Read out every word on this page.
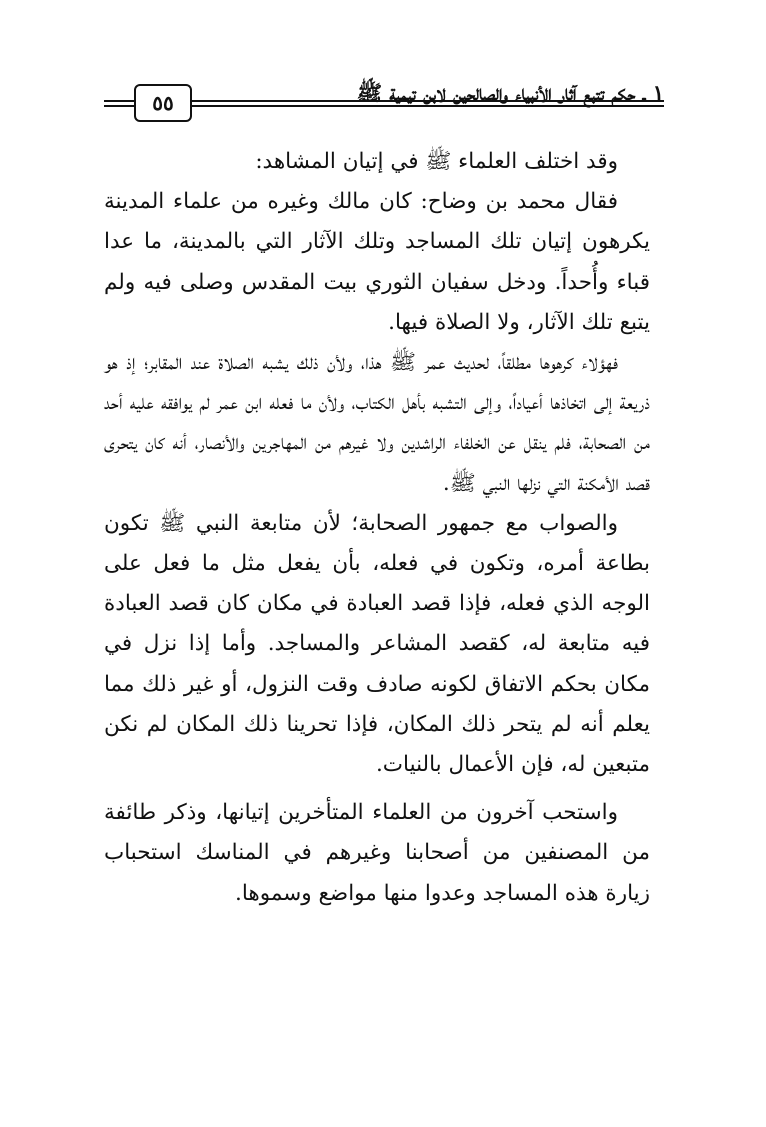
١ ـ حكم تتبع آثار الأنبياء والصالحين لابن تيمية ﷺ
٥٥

وقد اختلف العلماء ﷺ في إتيان المشاهد:

فقال محمد بن وضاح: كان مالك وغيره من علماء المدينة يكرهون إتيان تلك المساجد وتلك الآثار التي بالمدينة، ما عدا قباء وأُحداً. ودخل سفيان الثوري بيت المقدس وصلى فيه ولم يتبع تلك الآثار، ولا الصلاة فيها.

فهؤلاء كرهوها مطلقاً، لحديث عمر ﷺ هذا، ولأن ذلك يشبه الصلاة عند المقابر؛ إذ هو ذريعة إلى اتخاذها أعياداً، وإلى التشبه بأهل الكتاب، ولأن ما فعله ابن عمر لم يوافقه عليه أحد من الصحابة، فلم ينقل عن الخلفاء الراشدين ولا غيرهم من المهاجرين والأنصار، أنه كان يتحرى قصد الأمكنة التي نزلها النبي ﷺ.

والصواب مع جمهور الصحابة؛ لأن متابعة النبي ﷺ تكون بطاعة أمره، وتكون في فعله، بأن يفعل مثل ما فعل على الوجه الذي فعله، فإذا قصد العبادة في مكان كان قصد العبادة فيه متابعة له، كقصد المشاعر والمساجد. وأما إذا نزل في مكان بحكم الاتفاق لكونه صادف وقت النزول، أو غير ذلك مما يعلم أنه لم يتحر ذلك المكان، فإذا تحرينا ذلك المكان لم نكن متبعين له، فإن الأعمال بالنيات.

واستحب آخرون من العلماء المتأخرين إتيانها، وذكر طائفة من المصنفين من أصحابنا وغيرهم في المناسك استحباب زيارة هذه المساجد وعدوا منها مواضع وسموها.
